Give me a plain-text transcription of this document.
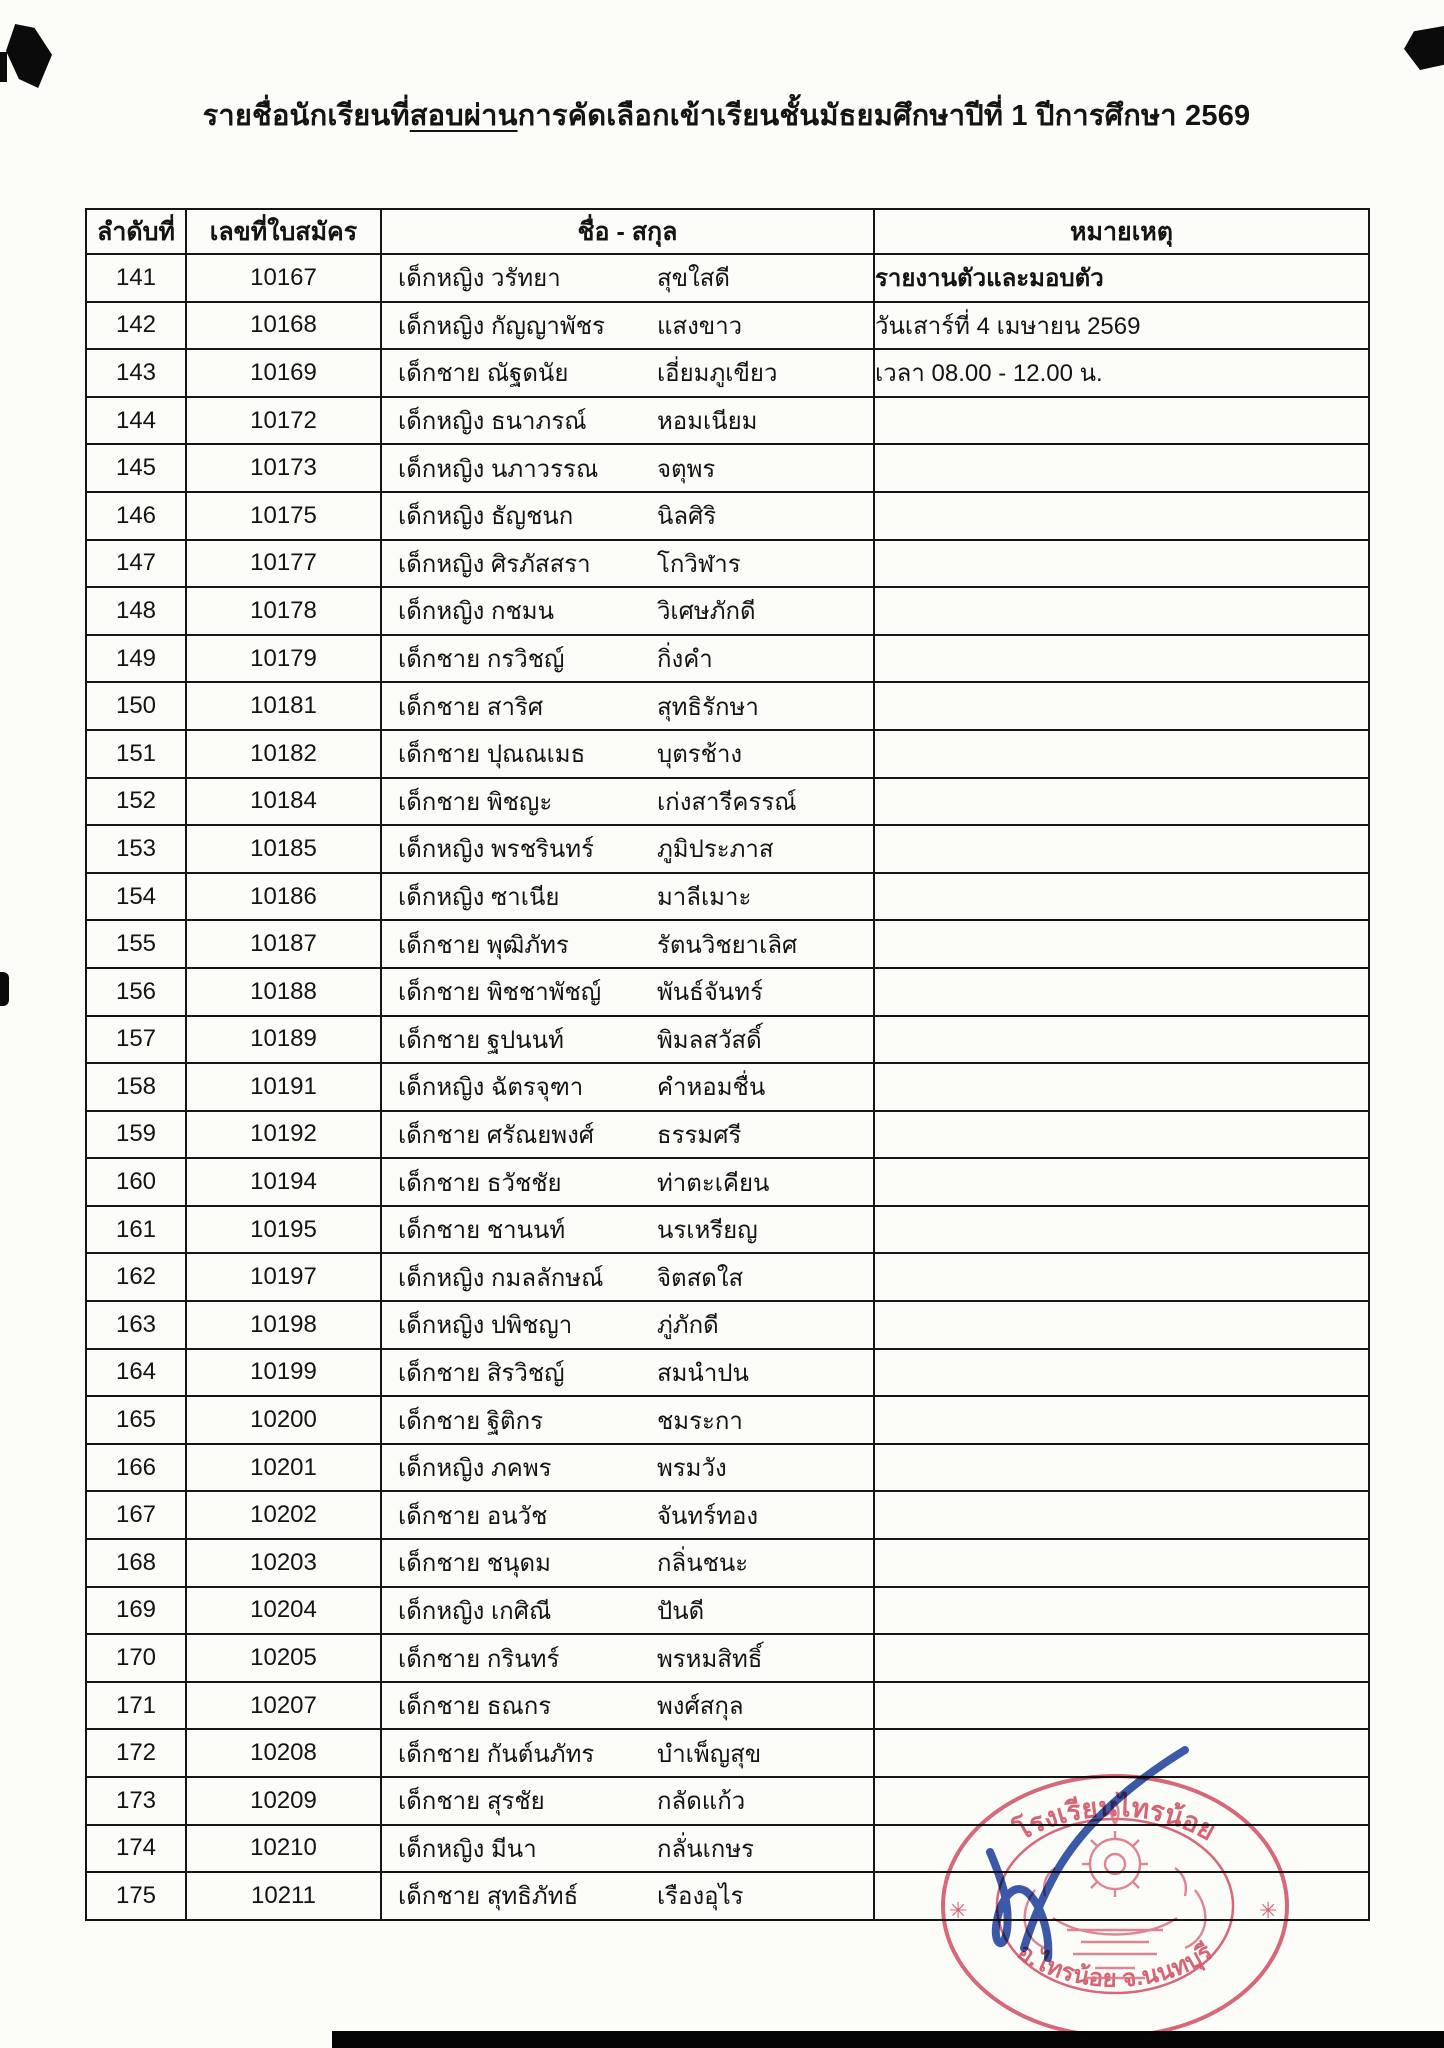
รายชื่อนักเรียนที่สอบผ่านการคัดเลือกเข้าเรียนชั้นมัธยมศึกษาปีที่ 1 ปีการศึกษา 2569
ลำดับที่	เลขที่ใบสมัคร	ชื่อ - สกุล	หมายเหตุ
141	10167	เด็กหญิง วรัทยา สุขใสดี	รายงานตัวและมอบตัว
142	10168	เด็กหญิง กัญญาพัชร แสงขาว	วันเสาร์ที่ 4 เมษายน 2569
143	10169	เด็กชาย ณัฐดนัย เอี่ยมภูเขียว	เวลา 08.00 - 12.00 น.
144	10172	เด็กหญิง ธนาภรณ์ หอมเนียม	

145	10173	เด็กหญิง นภาวรรณ จตุพร	

146	10175	เด็กหญิง ธัญชนก นิลศิริ	

147	10177	เด็กหญิง ศิรภัสสรา โกวิฬาร	

148	10178	เด็กหญิง กชมน วิเศษภักดี	

149	10179	เด็กชาย กรวิชญ์ กิ่งคำ	

150	10181	เด็กชาย สาริศ สุทธิรักษา	

151	10182	เด็กชาย ปุณณเมธ บุตรช้าง	

152	10184	เด็กชาย พิชญะ เก่งสารีครรณ์	

153	10185	เด็กหญิง พรชรินทร์ ภูมิประภาส	

154	10186	เด็กหญิง ซาเนีย มาลีเมาะ	

155	10187	เด็กชาย พุฒิภัทร รัตนวิชยาเลิศ	

156	10188	เด็กชาย พิชชาพัชญ์ พันธ์จันทร์	

157	10189	เด็กชาย ฐปนนท์ พิมลสวัสดิ์	

158	10191	เด็กหญิง ฉัตรจุฑา คำหอมชื่น	

159	10192	เด็กชาย ศรัณยพงศ์ ธรรมศรี	

160	10194	เด็กชาย ธวัชชัย ท่าตะเคียน	

161	10195	เด็กชาย ชานนท์ นรเหรียญ	

162	10197	เด็กหญิง กมลลักษณ์ จิตสดใส	

163	10198	เด็กหญิง ปพิชญา ภู่ภักดี	

164	10199	เด็กชาย สิรวิชญ์ สมนำปน	

165	10200	เด็กชาย ฐิติกร ชมระกา	

166	10201	เด็กหญิง ภคพร พรมวัง	

167	10202	เด็กชาย อนวัช จันทร์ทอง	

168	10203	เด็กชาย ชนุดม กลิ่นชนะ	

169	10204	เด็กหญิง เกศิณี ปันดี	

170	10205	เด็กชาย กรินทร์ พรหมสิทธิ์	

171	10207	เด็กชาย ธณกร พงศ์สกุล	

172	10208	เด็กชาย กันต์นภัทร บำเพ็ญสุข	

173	10209	เด็กชาย สุรชัย กลัดแก้ว	

174	10210	เด็กหญิง มีนา กลั่นเกษร	

175	10211	เด็กชาย สุทธิภัทธ์ เรืองอุไร	

โรงเรียนไทรน้อย
อ.ไทรน้อย จ.นนทบุรี
✳	✳
